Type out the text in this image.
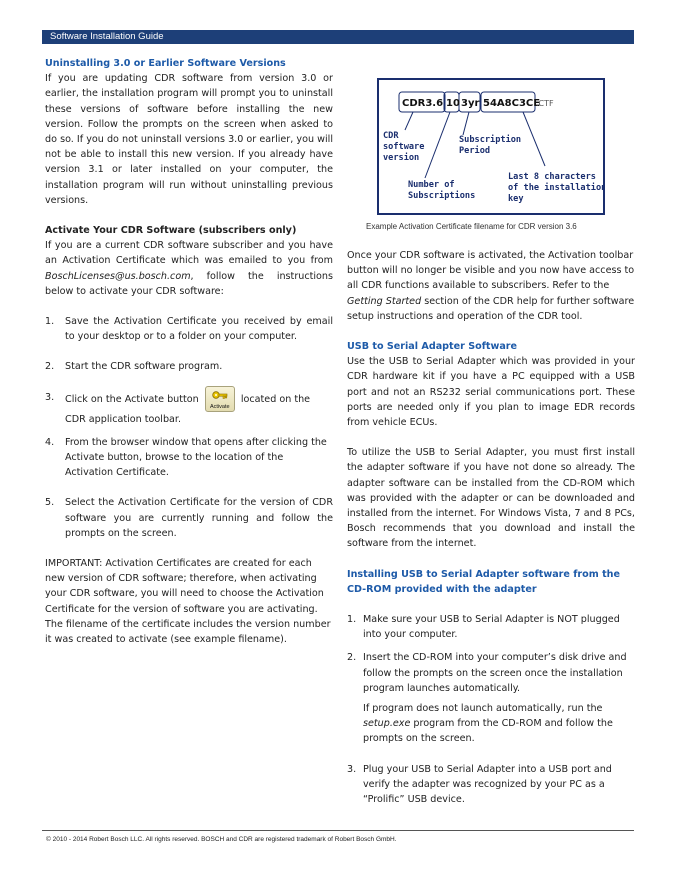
Software Installation Guide

Uninstalling 3.0 or Earlier Software Versions

If you are updating CDR software from version 3.0 or earlier, the installation program will prompt you to uninstall these versions of software before installing the new version. Follow the prompts on the screen when asked to do so. If you do not uninstall versions 3.0 or earlier, you will not be able to install this new version. If you already have version 3.1 or later installed on your computer, the installation program will run without uninstalling previous versions.

Activate Your CDR Software (subscribers only)

If you are a current CDR software subscriber and you have an Activation Certificate which was emailed to you from BoschLicenses@us.bosch.com, follow the instructions below to activate your CDR software:

1. Save the Activation Certificate you received by email to your desktop or to a folder on your computer.
2. Start the CDR software program.
3. Click on the Activate button
Activate
located on the CDR application toolbar.
4. From the browser window that opens after clicking the Activate button, browse to the location of the Activation Certificate.
5. Select the Activation Certificate for the version of CDR software you are currently running and follow the prompts on the screen.

IMPORTANT: Activation Certificates are created for each new version of CDR software; therefore, when activating your CDR software, you will need to choose the Activation Certificate for the version of software you are activating. The filename of the certificate includes the version number it was created to activate (see example filename).

CDR3.6 10 3yr 54A8C3CE
.CTF
CDR
software
version
Subscription
Period
Number of
Subscriptions
Last 8 characters
of the installation
key
Example Activation Certificate filename for CDR version 3.6

Once your CDR software is activated, the Activation toolbar button will no longer be visible and you now have access to all CDR functions available to subscribers. Refer to the Getting Started section of the CDR help for further software setup instructions and operation of the CDR tool.

USB to Serial Adapter Software

Use the USB to Serial Adapter which was provided in your CDR hardware kit if you have a PC equipped with a USB port and not an RS232 serial communications port. These ports are needed only if you plan to image EDR records from vehicle ECUs.

To utilize the USB to Serial Adapter, you must first install the adapter software if you have not done so already. The adapter software can be installed from the CD-ROM which was provided with the adapter or can be downloaded and installed from the internet. For Windows Vista, 7 and 8 PCs, Bosch recommends that you download and install the software from the internet.

Installing USB to Serial Adapter software from the CD-ROM provided with the adapter

1. Make sure your USB to Serial Adapter is NOT plugged into your computer.
2. Insert the CD-ROM into your computer’s disk drive and follow the prompts on the screen once the installation program launches automatically.

If program does not launch automatically, run the setup.exe program from the CD-ROM and follow the prompts on the screen.

3. Plug your USB to Serial Adapter into a USB port and verify the adapter was recognized by your PC as a “Prolific” USB device.
© 2010 - 2014 Robert Bosch LLC. All rights reserved. BOSCH and CDR are registered trademark of Robert Bosch GmbH.
